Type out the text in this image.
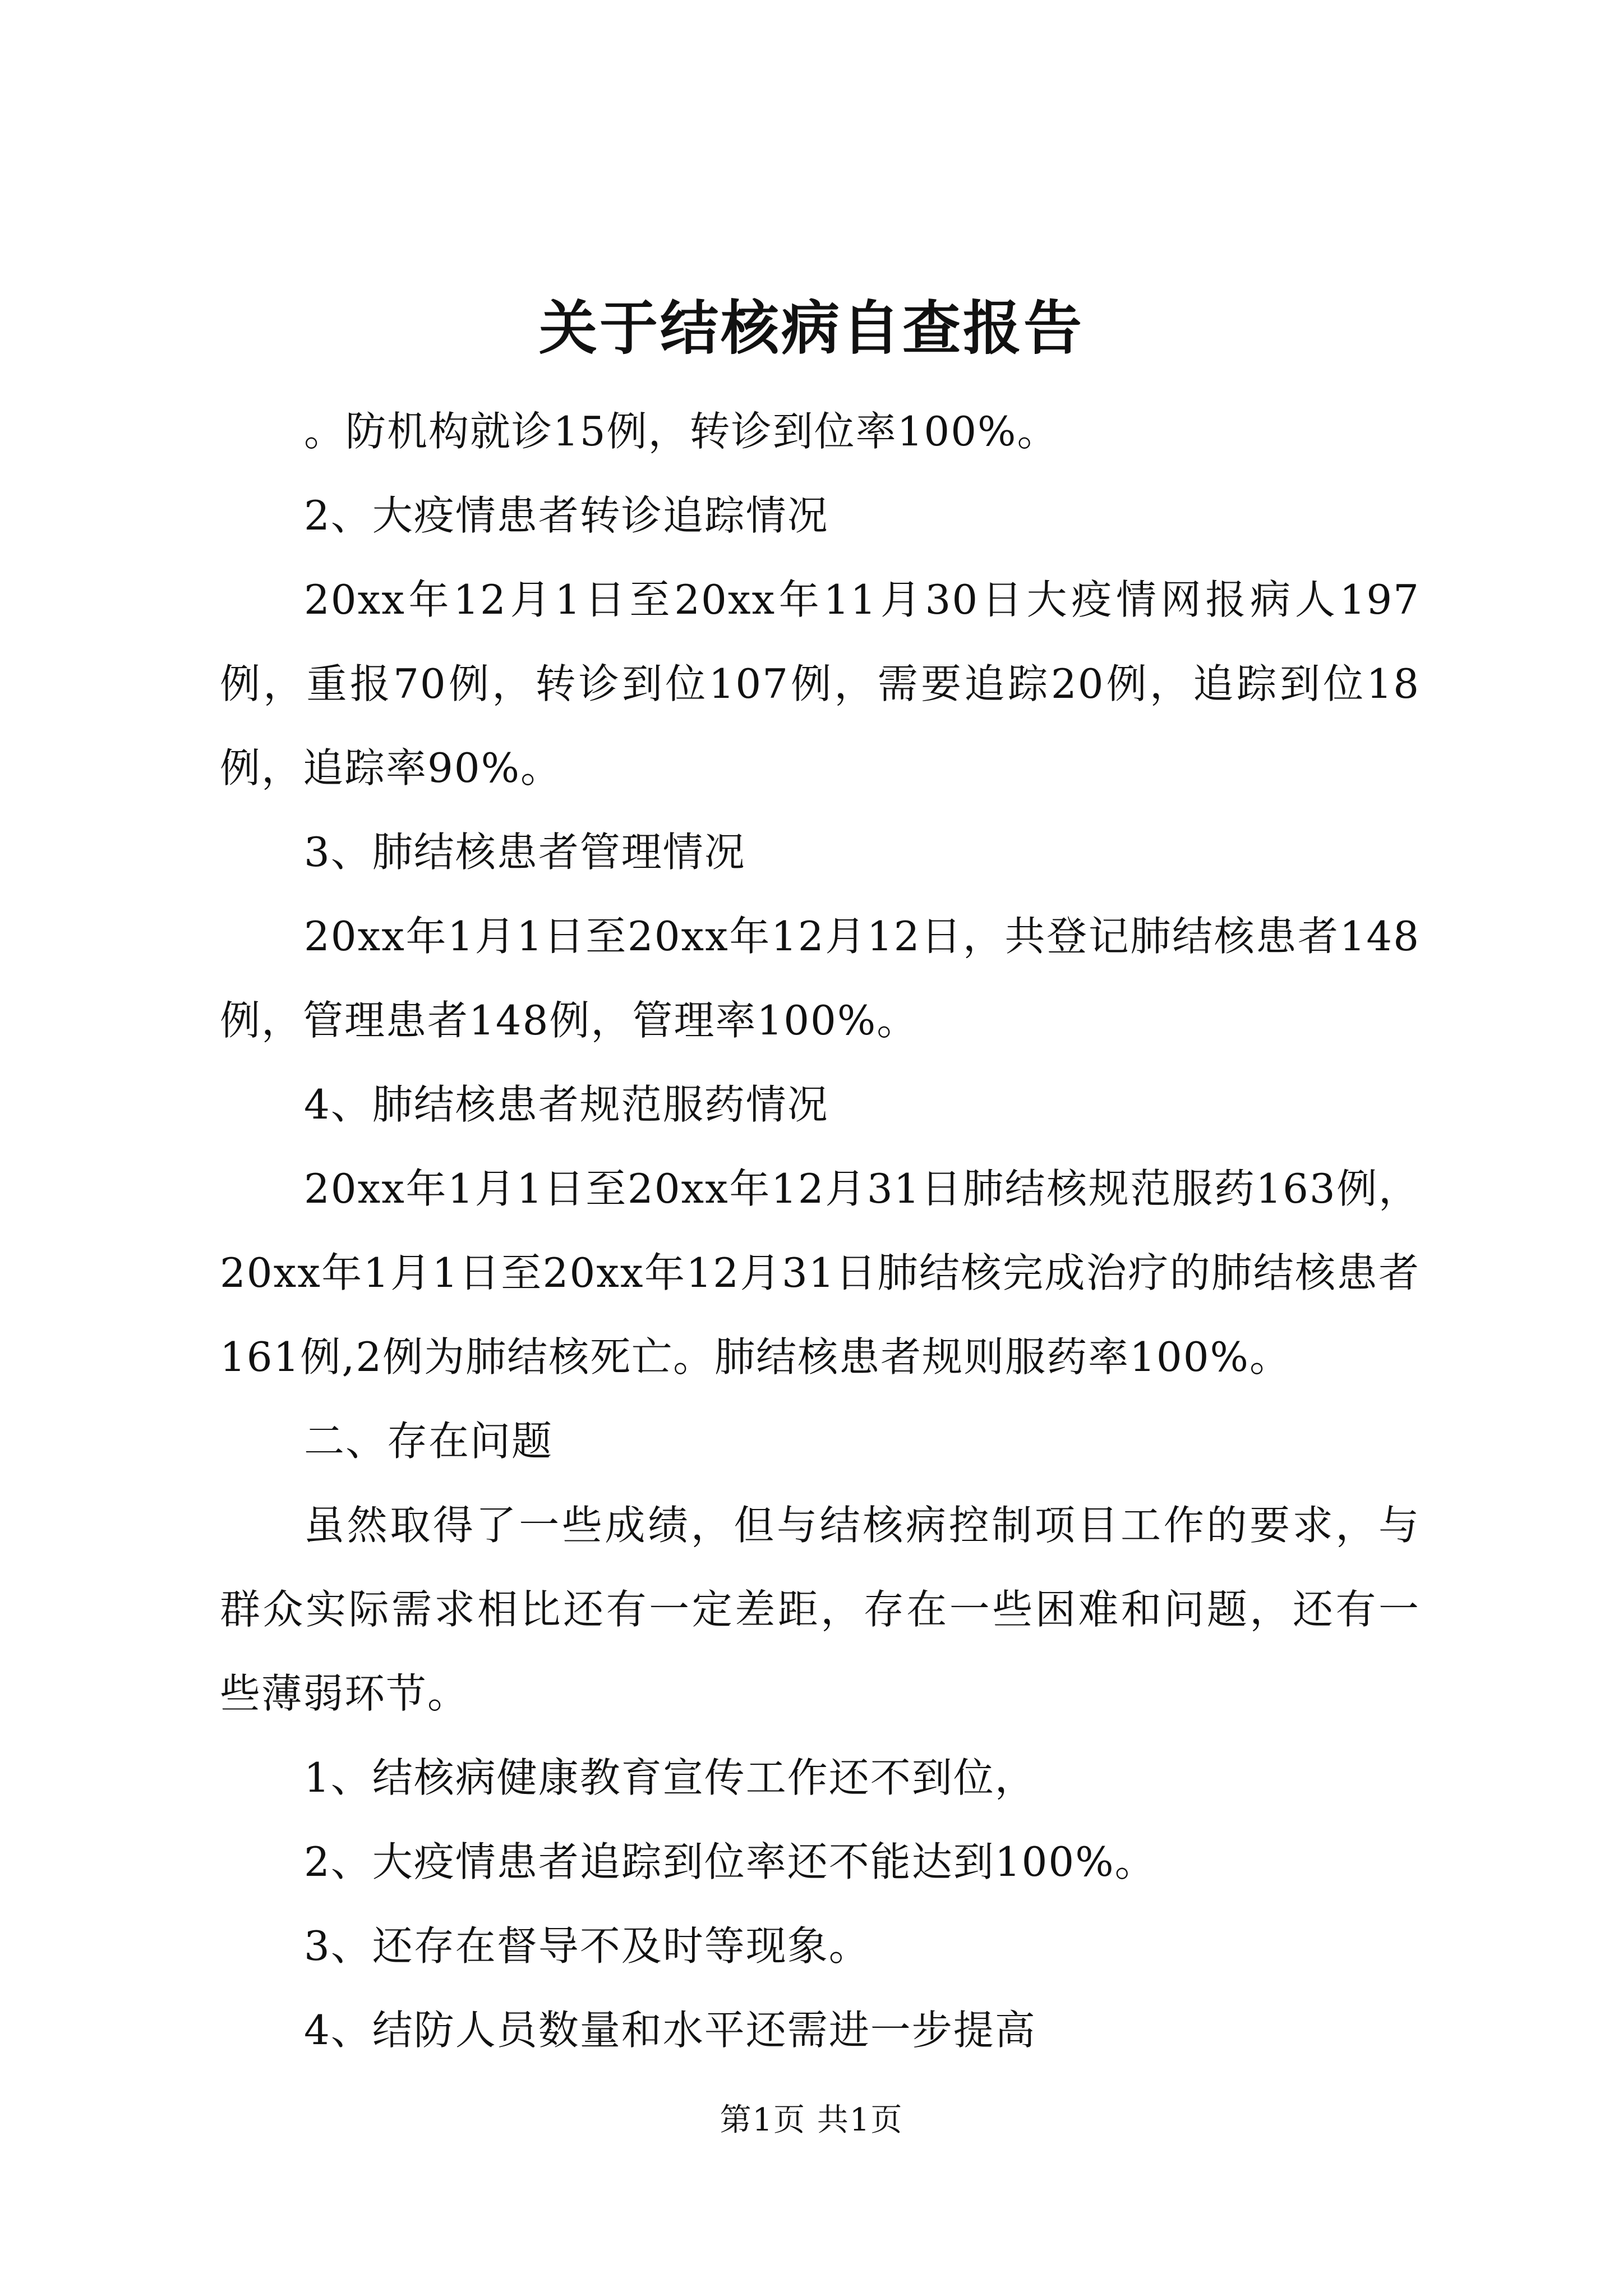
关于结核病自查报告

。防机构就诊15例，转诊到位率100%。

2、大疫情患者转诊追踪情况

20xx年12月1日至20xx年11月30日大疫情网报病人197例，重报70例，转诊到位107例，需要追踪20例，追踪到位18例，追踪率90%。

3、肺结核患者管理情况

20xx年1月1日至20xx年12月12日，共登记肺结核患者148例，管理患者148例，管理率100%。

4、肺结核患者规范服药情况

20xx年1月1日至20xx年12月31日肺结核规范服药163例，20xx年1月1日至20xx年12月31日肺结核完成治疗的肺结核患者161例,2例为肺结核死亡。肺结核患者规则服药率100%。

二、存在问题

虽然取得了一些成绩，但与结核病控制项目工作的要求，与群众实际需求相比还有一定差距，存在一些困难和问题，还有一些薄弱环节。

1、结核病健康教育宣传工作还不到位，

2、大疫情患者追踪到位率还不能达到100%。

3、还存在督导不及时等现象。

4、结防人员数量和水平还需进一步提高

第1页 共1页
